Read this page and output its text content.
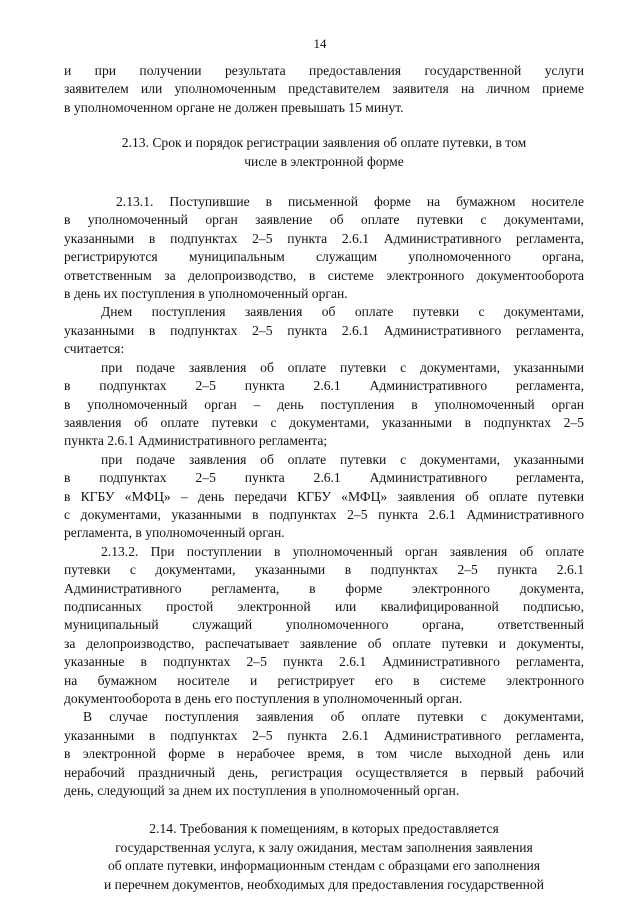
14

и при получении результата предоставления государственной услуги
заявителем или уполномоченным представителем заявителя на личном приеме
в уполномоченном органе не должен превышать 15 минут.

2.13. Срок и порядок регистрации заявления об оплате путевки, в том
числе в электронной форме

2.13.1. Поступившие в письменной форме на бумажном носителе
в уполномоченный орган заявление об оплате путевки с документами,
указанными в подпунктах 2–5 пункта 2.6.1 Административного регламента,
регистрируются муниципальным служащим уполномоченного органа,
ответственным за делопроизводство, в системе электронного документооборота
в день их поступления в уполномоченный орган.

Днем поступления заявления об оплате путевки с документами,
указанными в подпунктах 2–5 пункта 2.6.1 Административного регламента,
считается:

при подаче заявления об оплате путевки с документами, указанными
в подпунктах 2–5 пункта 2.6.1 Административного регламента,
в уполномоченный орган – день поступления в уполномоченный орган
заявления об оплате путевки с документами, указанными в подпунктах 2–5
пункта 2.6.1 Административного регламента;

при подаче заявления об оплате путевки с документами, указанными
в подпунктах 2–5 пункта 2.6.1 Административного регламента,
в КГБУ «МФЦ» – день передачи КГБУ «МФЦ» заявления об оплате путевки
с документами, указанными в подпунктах 2–5 пункта 2.6.1 Административного
регламента, в уполномоченный орган.

2.13.2. При поступлении в уполномоченный орган заявления об оплате
путевки с документами, указанными в подпунктах 2–5 пункта 2.6.1
Административного регламента, в форме электронного документа,
подписанных простой электронной или квалифицированной подписью,
муниципальный служащий уполномоченного органа, ответственный
за делопроизводство, распечатывает заявление об оплате путевки и документы,
указанные в подпунктах 2–5 пункта 2.6.1 Административного регламента,
на бумажном носителе и регистрирует его в системе электронного
документооборота в день его поступления в уполномоченный орган.

В случае поступления заявления об оплате путевки с документами,
указанными в подпунктах 2–5 пункта 2.6.1 Административного регламента,
в электронной форме в нерабочее время, в том числе выходной день или
нерабочий праздничный день, регистрация осуществляется в первый рабочий
день, следующий за днем их поступления в уполномоченный орган.

2.14. Требования к помещениям, в которых предоставляется
государственная услуга, к залу ожидания, местам заполнения заявления
об оплате путевки, информационным стендам с образцами его заполнения
и перечнем документов, необходимых для предоставления государственной
